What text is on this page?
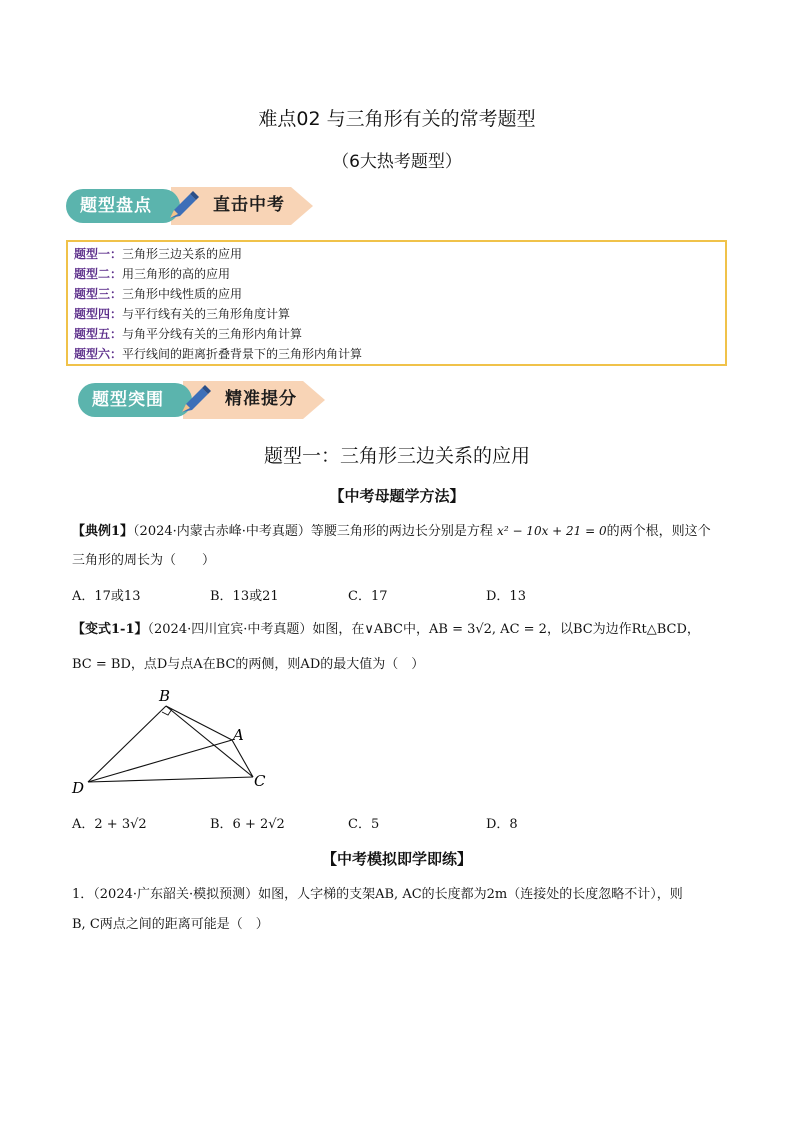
难点02 与三角形有关的常考题型
（6大热考题型）
题型盘点	直击中考
题型一：三角形三边关系的应用
题型二：用三角形的高的应用
题型三：三角形中线性质的应用
题型四：与平行线有关的三角形角度计算
题型五：与角平分线有关的三角形内角计算
题型六：平行线间的距离折叠背景下的三角形内角计算
题型突围	精准提分
题型一：三角形三边关系的应用
【中考母题学方法】
【典例1】（2024·内蒙古赤峰·中考真题）等腰三角形的两边长分别是方程 x² − 10x + 21 = 0的两个根，则这个
三角形的周长为（　　）
A．17或13	B．13或21	C．17	D．13
【变式1-1】（2024·四川宜宾·中考真题）如图，在∨ABC中，AB = 3√2, AC = 2，以BC为边作Rt△BCD，
BC = BD，点D与点A在BC的两侧，则AD的最大值为（　）
B
A
C
D
A．2 + 3√2	B．6 + 2√2	C．5	D．8
【中考模拟即学即练】
1．（2024·广东韶关·模拟预测）如图，人字梯的支架AB, AC的长度都为2m（连接处的长度忽略不计），则
B, C两点之间的距离可能是（　）
